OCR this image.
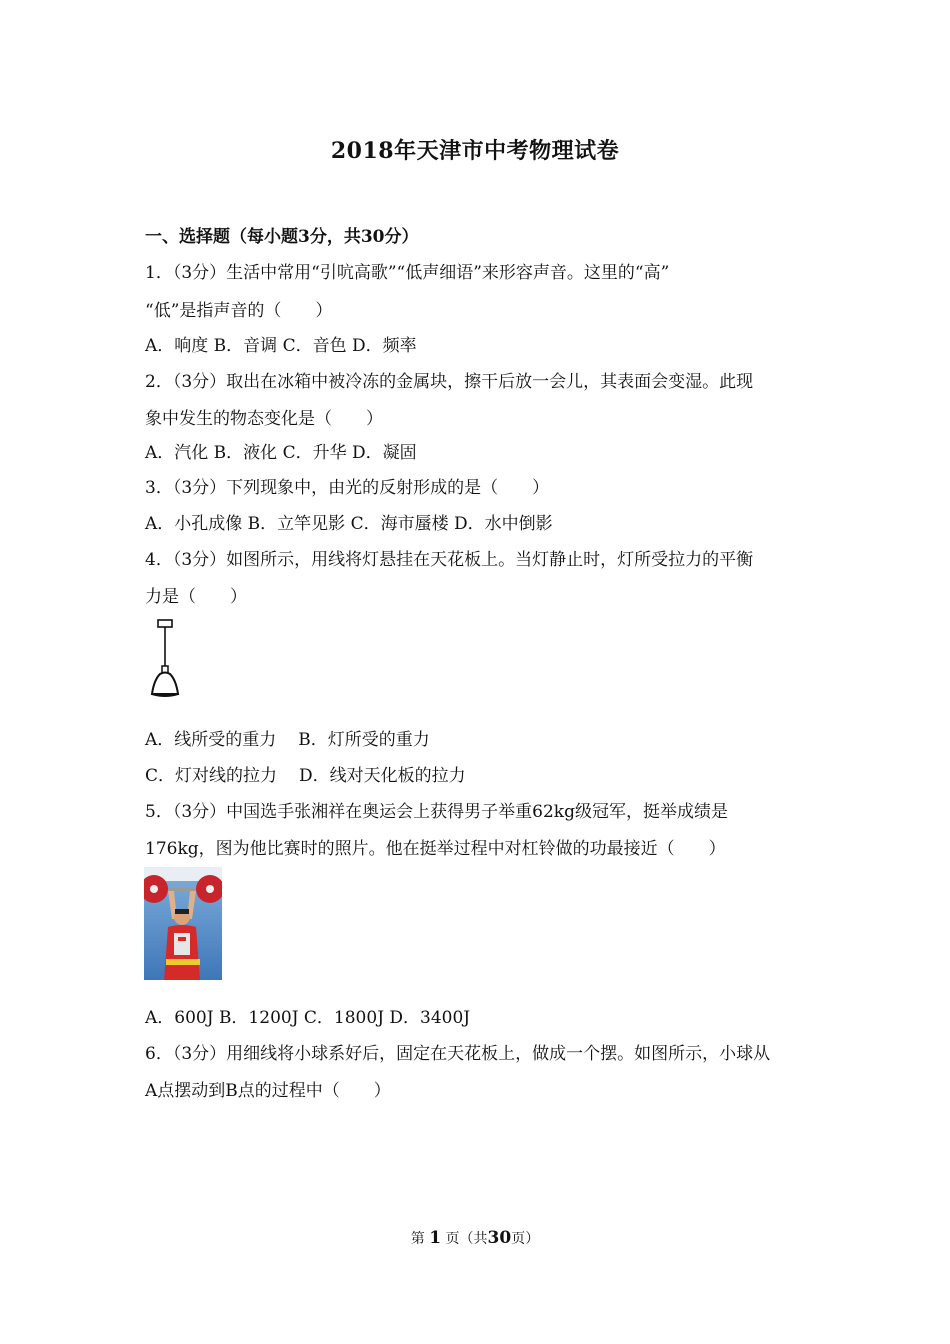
2018年天津市中考物理试卷
一、选择题（每小题3分，共30分）
1．（3分）生活中常用“引吭高歌”“低声细语”来形容声音。这里的“高”
“低”是指声音的（　　）
A．响度 B．音调 C．音色 D．频率
2．（3分）取出在冰箱中被冷冻的金属块，擦干后放一会儿，其表面会变湿。此现
象中发生的物态变化是（　　）
A．汽化 B．液化 C．升华 D．凝固
3．（3分）下列现象中，由光的反射形成的是（　　）
A．小孔成像 B．立竿见影 C．海市蜃楼 D．水中倒影
4．（3分）如图所示，用线将灯悬挂在天花板上。当灯静止时，灯所受拉力的平衡
力是（　　）
A．线所受的重力 B．灯所受的重力
C．灯对线的拉力 D．线对天化板的拉力
5．（3分）中国选手张湘祥在奥运会上获得男子举重62kg级冠军，挺举成绩是
176kg，图为他比赛时的照片。他在挺举过程中对杠铃做的功最接近（　　）
A．600J B．1200J C．1800J D．3400J
6．（3分）用细线将小球系好后，固定在天花板上，做成一个摆。如图所示，小球从
A点摆动到B点的过程中（　　）
第 1 页（共30页）
